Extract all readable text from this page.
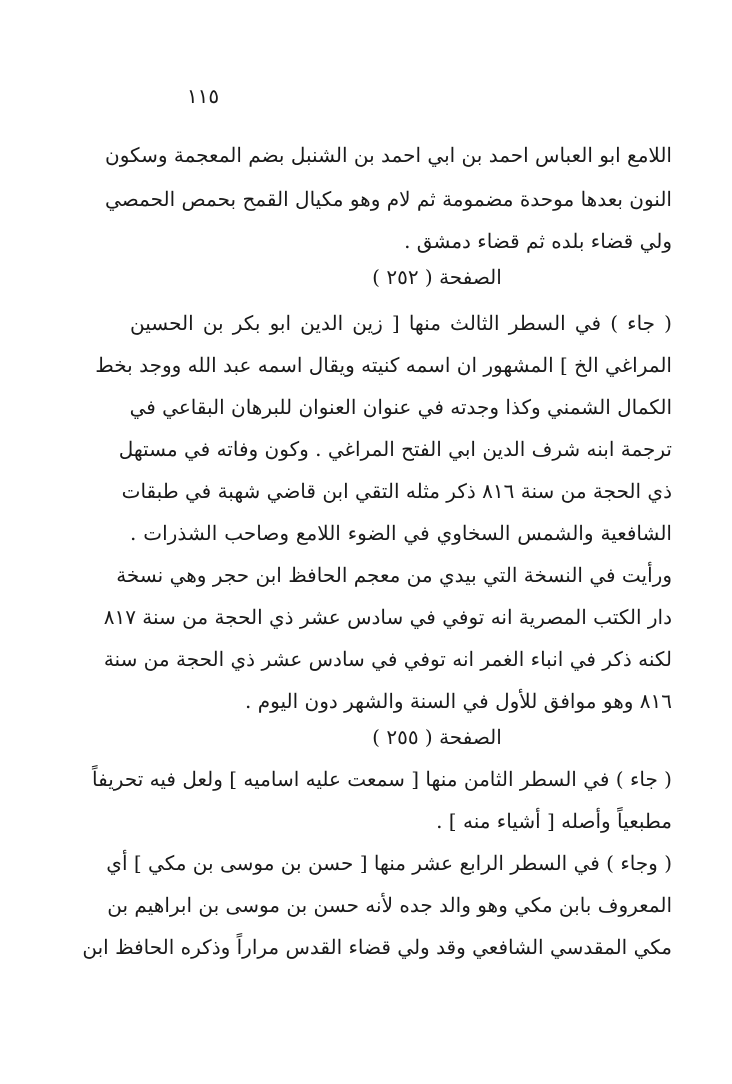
١١٥
اللامع ابو العباس احمد بن ابي احمد بن الشنبل بضم المعجمة وسكون
النون بعدها موحدة مضمومة ثم لام وهو مكيال القمح بحمص الحمصي
ولي قضاء بلده ثم قضاء دمشق .
الصفحة ( ٢٥٢ )
( جاء ) في السطر الثالث منها [ زين الدين ابو بكر بن الحسين
المراغي الخ ] المشهور ان اسمه كنيته ويقال اسمه عبد الله ووجد بخط
الكمال الشمني وكذا وجدته في عنوان العنوان للبرهان البقاعي في
ترجمة ابنه شرف الدين ابي الفتح المراغي . وكون وفاته في مستهل
ذي الحجة من سنة ٨١٦ ذكر مثله التقي ابن قاضي شهبة في طبقات
الشافعية والشمس السخاوي في الضوء اللامع وصاحب الشذرات .
ورأيت في النسخة التي بيدي من معجم الحافظ ابن حجر وهي نسخة
دار الكتب المصرية انه توفي في سادس عشر ذي الحجة من سنة ٨١٧
لكنه ذكر في انباء الغمر انه توفي في سادس عشر ذي الحجة من سنة
٨١٦ وهو موافق للأول في السنة والشهر دون اليوم .
الصفحة ( ٢٥٥ )
( جاء ) في السطر الثامن منها [ سمعت عليه اساميه ] ولعل فيه تحريفاً
مطبعياً وأصله [ أشياء منه ] .
( وجاء ) في السطر الرابع عشر منها [ حسن بن موسى بن مكي ] أي
المعروف بابن مكي وهو والد جده لأنه حسن بن موسى بن ابراهيم بن
مكي المقدسي الشافعي وقد ولي قضاء القدس مراراً وذكره الحافظ ابن
